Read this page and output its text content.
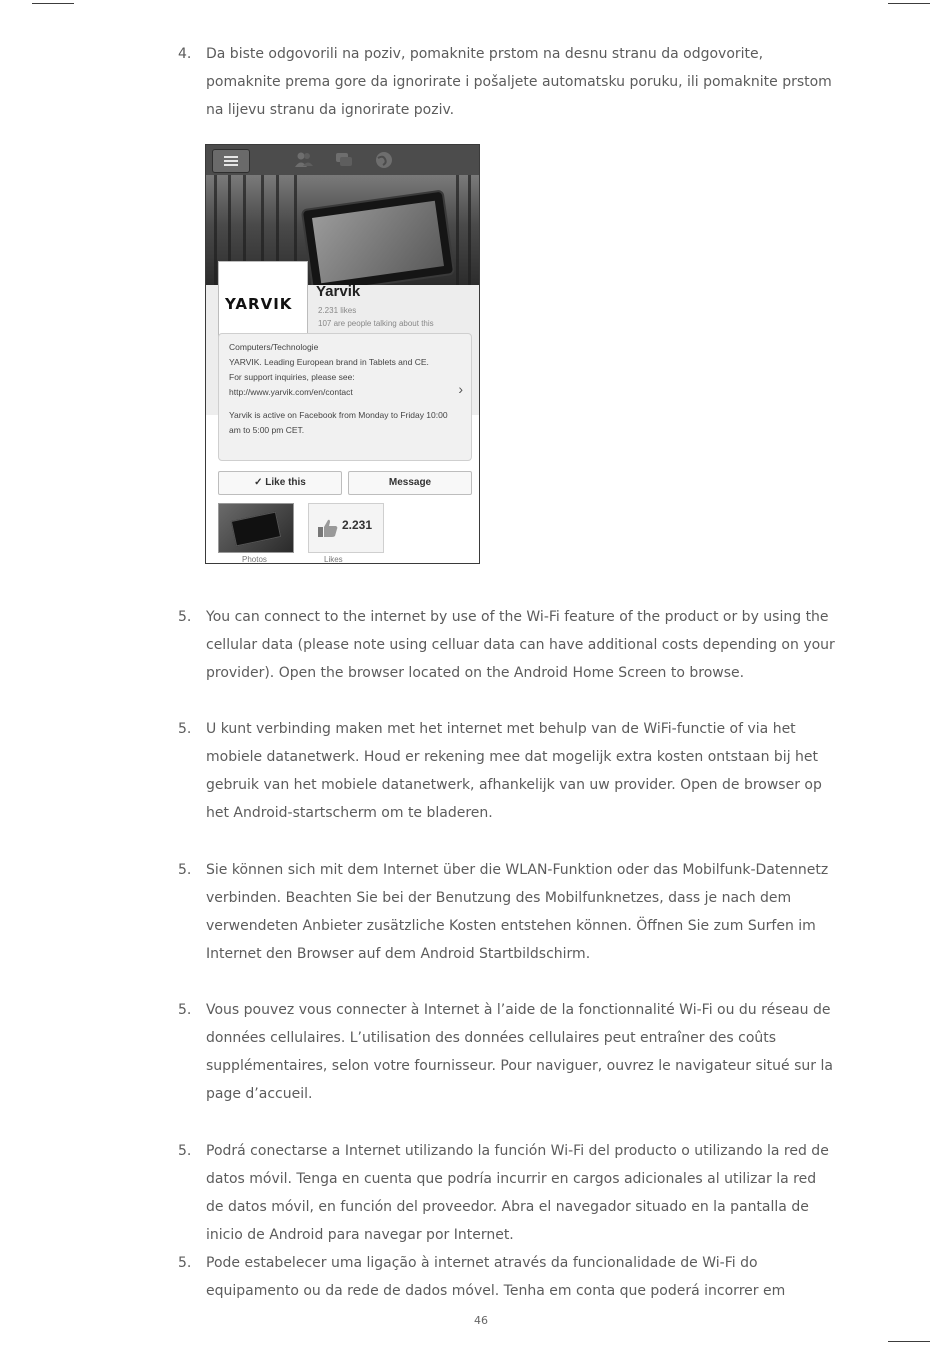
4. Da biste odgovorili na poziv, pomaknite prstom na desnu stranu da odgovorite, pomaknite prema gore da ignorirate i pošaljete automatsku poruku, ili pomaknite prstom na lijevu stranu da ignorirate poziv.
YARVIK
Yarvik
2.231 likes
107 are people talking about this
Computers/Technologie
YARVIK. Leading European brand in Tablets and CE.
For support inquiries, please see:
http://www.yarvik.com/en/contact
Yarvik is active on Facebook from Monday to Friday 10:00 am to 5:00 pm CET.
›
✓ Like this	Message
2.231
Photos	Likes
5. You can connect to the internet by use of the Wi-Fi feature of the product or by using the cellular data (please note using celluar data can have additional costs depending on your provider). Open the browser located on the Android Home Screen to browse.
5. U kunt verbinding maken met het internet met behulp van de WiFi-functie of via het mobiele datanetwerk. Houd er rekening mee dat mogelijk extra kosten ontstaan bij het gebruik van het mobiele datanetwerk, afhankelijk van uw provider. Open de browser op het Android-startscherm om te bladeren.
5. Sie können sich mit dem Internet über die WLAN-Funktion oder das Mobilfunk-Datennetz verbinden. Beachten Sie bei der Benutzung des Mobilfunknetzes, dass je nach dem verwendeten Anbieter zusätzliche Kosten entstehen können. Öffnen Sie zum Surfen im Internet den Browser auf dem Android Startbildschirm.
5. Vous pouvez vous connecter à Internet à l’aide de la fonctionnalité Wi-Fi ou du réseau de données cellulaires. L’utilisation des données cellulaires peut entraîner des coûts supplémentaires, selon votre fournisseur. Pour naviguer, ouvrez le navigateur situé sur la page d’accueil.
5. Podrá conectarse a Internet utilizando la función Wi-Fi del producto o utilizando la red de datos móvil. Tenga en cuenta que podría incurrir en cargos adicionales al utilizar la red de datos móvil, en función del proveedor. Abra el navegador situado en la pantalla de inicio de Android para navegar por Internet.
5. Pode estabelecer uma ligação à internet através da funcionalidade de Wi-Fi do equipamento ou da rede de dados móvel. Tenha em conta que poderá incorrer em
46
